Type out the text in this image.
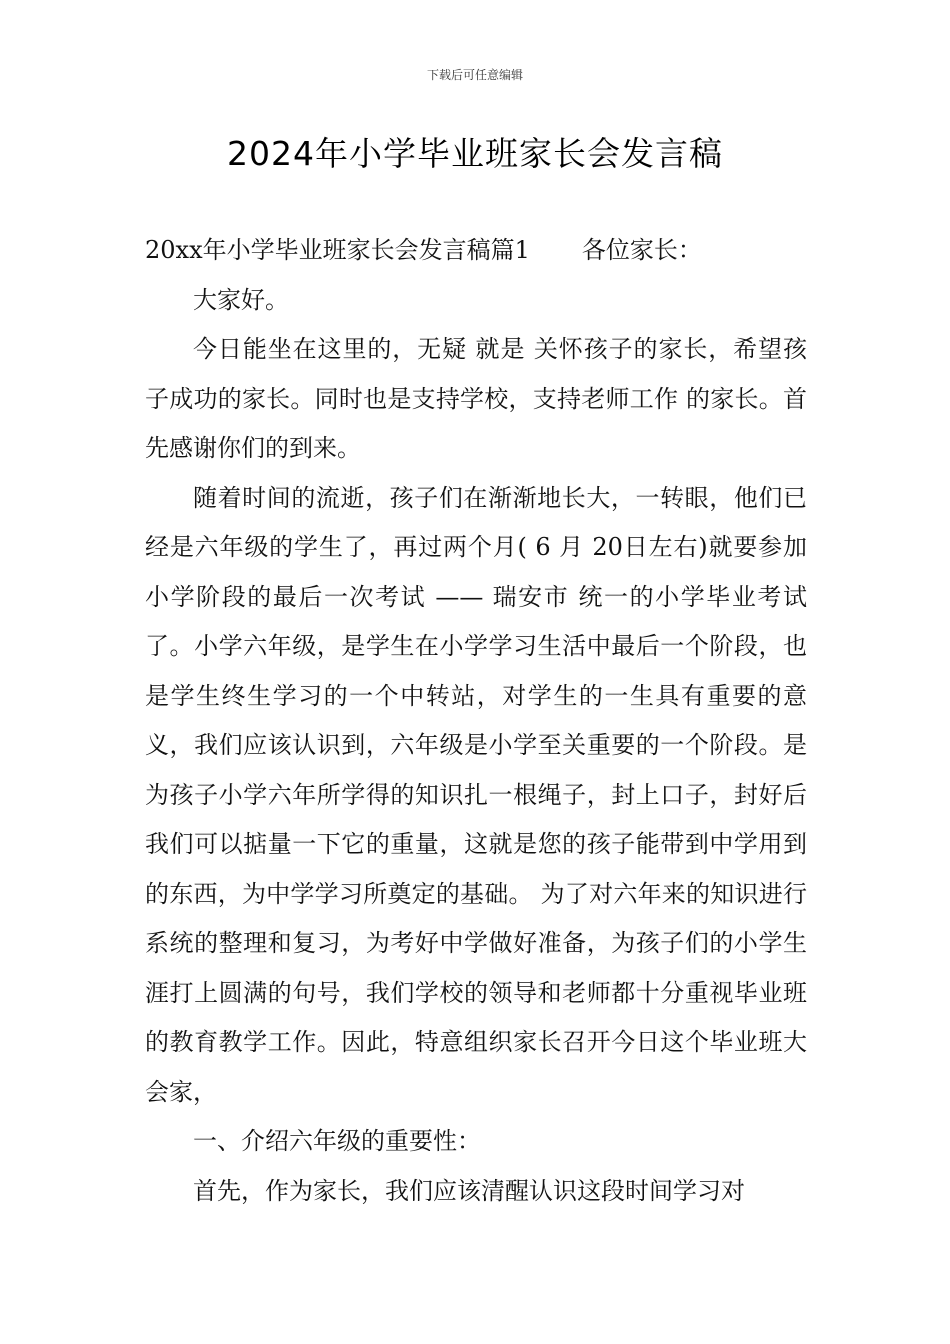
下载后可任意编辑
2024年小学毕业班家长会发言稿

20xx年小学毕业班家长会发言稿篇1 各位家长：

大家好。

今日能坐在这里的，无疑 就是 关怀孩子的家长，希望孩子成功的家长。同时也是支持学校，支持老师工作 的家长。首先感谢你们的到来。

随着时间的流逝，孩子们在渐渐地长大，一转眼，他们已经是六年级的学生了，再过两个月( 6 月 20日左右)就要参加小学阶段的最后一次考试 —— 瑞安市 统一的小学毕业考试了。小学六年级，是学生在小学学习生活中最后一个阶段，也是学生终生学习的一个中转站，对学生的一生具有重要的意义，我们应该认识到，六年级是小学至关重要的一个阶段。是为孩子小学六年所学得的知识扎一根绳子，封上口子，封好后我们可以掂量一下它的重量，这就是您的孩子能带到中学用到的东西，为中学学习所奠定的基础。 为了对六年来的知识进行系统的整理和复习，为考好中学做好准备，为孩子们的小学生涯打上圆满的句号，我们学校的领导和老师都十分重视毕业班的教育教学工作。因此，特意组织家长召开今日这个毕业班大会家，

一、介绍六年级的重要性：

首先，作为家长，我们应该清醒认识这段时间学习对
